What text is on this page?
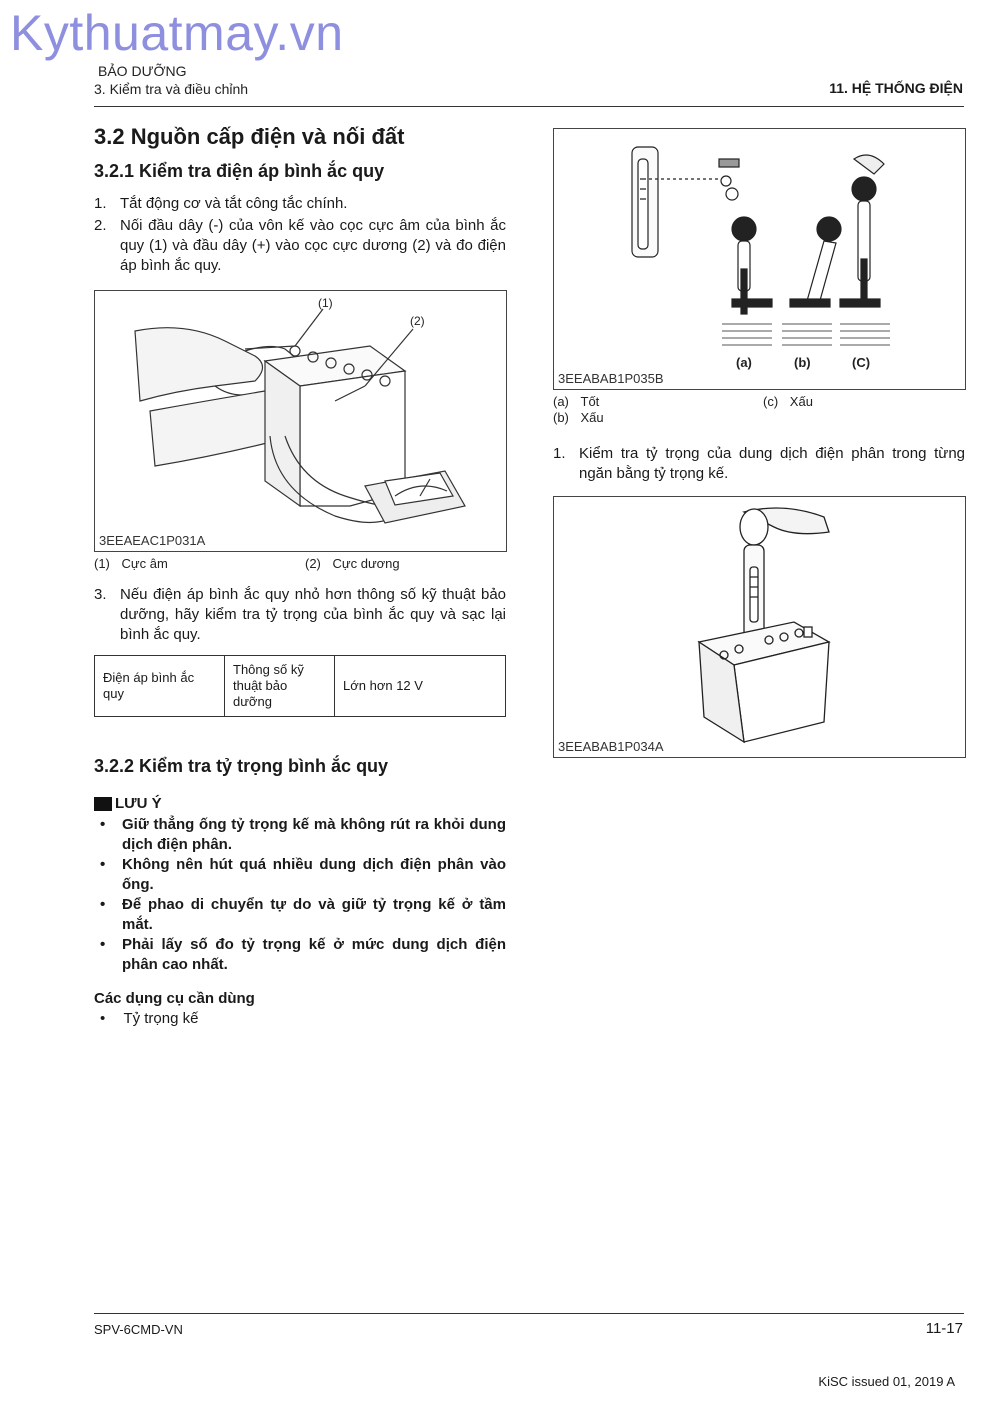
Kythuatmay.vn
BẢO DƯỠNG
3. Kiểm tra và điều chỉnh	11. HỆ THỐNG ĐIỆN
3.2 Nguồn cấp điện và nối đất
3.2.1 Kiểm tra điện áp bình ắc quy
1. Tắt động cơ và tắt công tắc chính.
2. Nối đầu dây (-) của vôn kế vào cọc cực âm của bình ắc quy (1) và đầu dây (+) vào cọc cực dương (2) và đo điện áp bình ắc quy.
(1)
(2)
3EEAEAC1P031A
(1) Cực âm	(2) Cực dương
3. Nếu điện áp bình ắc quy nhỏ hơn thông số kỹ thuật bảo dưỡng, hãy kiểm tra tỷ trọng của bình ắc quy và sạc lại bình ắc quy.
Điện áp bình ắc quy	Thông số kỹ thuật bảo dưỡng	Lớn hơn 12 V
3.2.2 Kiểm tra tỷ trọng bình ắc quy
LƯU Ý
•	Giữ thẳng ống tỷ trọng kế mà không rút ra khỏi dung dịch điện phân.
•	Không nên hút quá nhiều dung dịch điện phân vào ống.
•	Để phao di chuyển tự do và giữ tỷ trọng kế ở tầm mắt.
•	Phải lấy số đo tỷ trọng kế ở mức dung dịch điện phân cao nhất.
Các dụng cụ cần dùng
• Tỷ trọng kế
(a)	(b)	(C)
3EEABAB1P035B
(a) Tốt	(c) Xấu
(b) Xấu
1. Kiểm tra tỷ trọng của dung dịch điện phân trong từng ngăn bằng tỷ trọng kế.
3EEABAB1P034A
SPV-6CMD-VN	11-17
KiSC issued 01, 2019 A
